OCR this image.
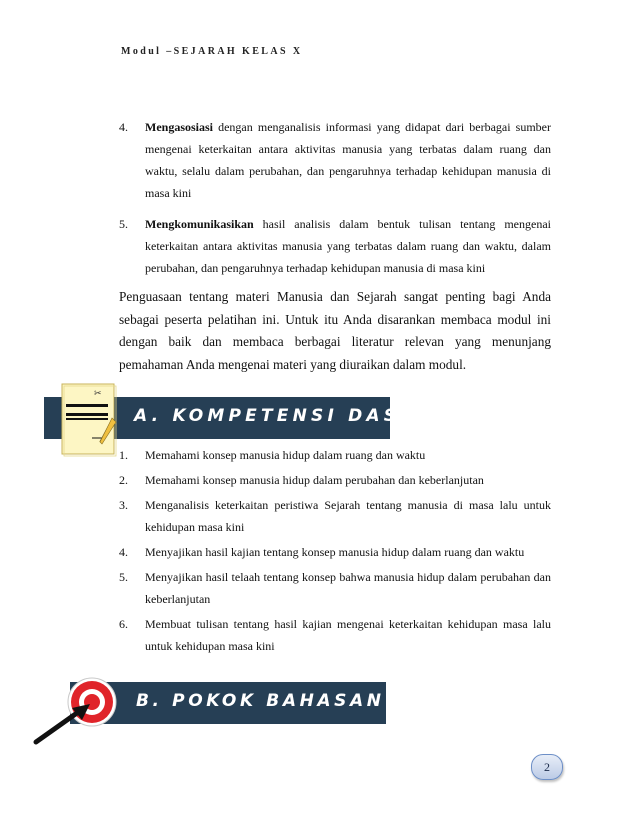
Modul –SEJARAH KELAS X
4. Mengasosiasi dengan menganalisis informasi yang didapat dari berbagai sumber mengenai keterkaitan antara aktivitas manusia yang terbatas dalam ruang dan waktu, selalu dalam perubahan, dan pengaruhnya terhadap kehidupan manusia di masa kini
5. Mengkomunikasikan hasil analisis dalam bentuk tulisan tentang mengenai keterkaitan antara aktivitas manusia yang terbatas dalam ruang dan waktu, dalam perubahan, dan pengaruhnya terhadap kehidupan manusia di masa kini

Penguasaan tentang materi Manusia dan Sejarah sangat penting bagi Anda sebagai peserta pelatihan ini. Untuk itu Anda disarankan membaca modul ini dengan baik dan membaca berbagai literatur relevan yang menunjang pemahaman Anda mengenai materi yang diuraikan dalam modul.

A. KOMPETENSI DASAR
✂
1. Memahami konsep manusia hidup dalam ruang dan waktu
2. Memahami konsep manusia hidup dalam perubahan dan keberlanjutan
3. Menganalisis keterkaitan peristiwa Sejarah tentang manusia di masa lalu untuk kehidupan masa kini
4. Menyajikan hasil kajian tentang konsep manusia hidup dalam ruang dan waktu
5. Menyajikan hasil telaah tentang konsep bahwa manusia hidup dalam perubahan dan keberlanjutan
6. Membuat tulisan tentang hasil kajian mengenai keterkaitan kehidupan masa lalu untuk kehidupan masa kini
B. POKOK BAHASAN
2
